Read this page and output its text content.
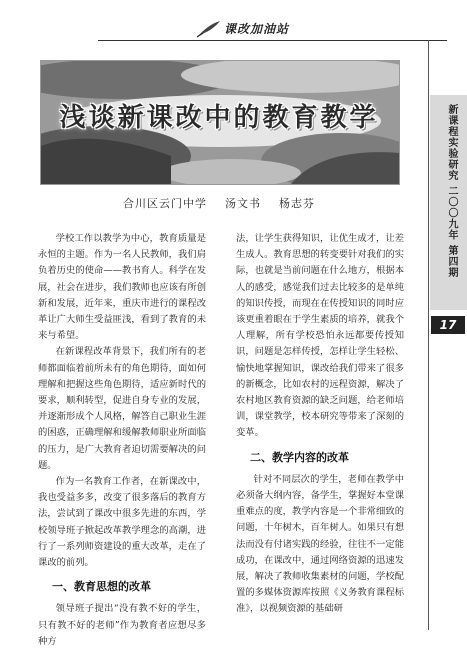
课改加油站
浅谈新课改中的教育教学
合川区云门中学    汤文书    杨志芬

学校工作以教学为中心，教育质量是永恒的主题。作为一名人民教师，我们肩负着历史的使命——教书育人。科学在发展，社会在进步，我们教师也应该有所创新和发展，近年来，重庆市进行的课程改革让广大师生受益匪浅，看到了教育的未来与希望。

在新课程改革背景下，我们所有的老师都面临着前所未有的角色期待，面如何理解和把握这些角色期待，适应新时代的要求，顺利转型，促进自身专业的发展，并逐渐形成个人风格，解答自己职业生涯的困惑，正确理解和缓解教师职业所面临的压力，是广大教育者迫切需要解决的问题。

作为一名教育工作者，在新课改中，我也受益多多，改变了很多落后的教育方法，尝试到了课改中很多先进的东西，学校领导班子掀起改革教学理念的高潮，进行了一系列师资建设的重大改革，走在了课改的前列。

一、教育思想的改革

领导班子提出“没有教不好的学生，只有教不好的老师”作为教育者应想尽多种方

法，让学生获得知识，让优生成才，让差生成人。教育思想的转变要针对我们的实际，也就是当前问题在什么地方，根据本人的感受，感觉我们过去比较多的是单纯的知识传授，而现在在传授知识的同时应该更重着眼在于学生素质的培养，就我个人理解，所有学校恐怕永远都要传授知识，问题是怎样传授，怎样让学生轻松、愉快地掌握知识，课改给我们带来了很多的新概念，比如农村的远程资源，解决了农村地区教育资源的缺乏问题，给老师培训，课堂教学，校本研究等带来了深刻的变革。

二、教学内容的改革

针对不同层次的学生，老师在教学中必须备大纲内容，备学生，掌握好本堂课重难点的度，教学内容是一个非常细致的问题，十年树木，百年树人。如果只有想法而没有付诸实践的经验，往往不一定能成功，在课改中，通过网络资源的迅速发展，解决了教师收集素材的问题，学校配置的多媒体资源库按照《义务教育课程标准》，以视频资源的基础研

新课程实验研究 二〇〇九年 第四期
17
